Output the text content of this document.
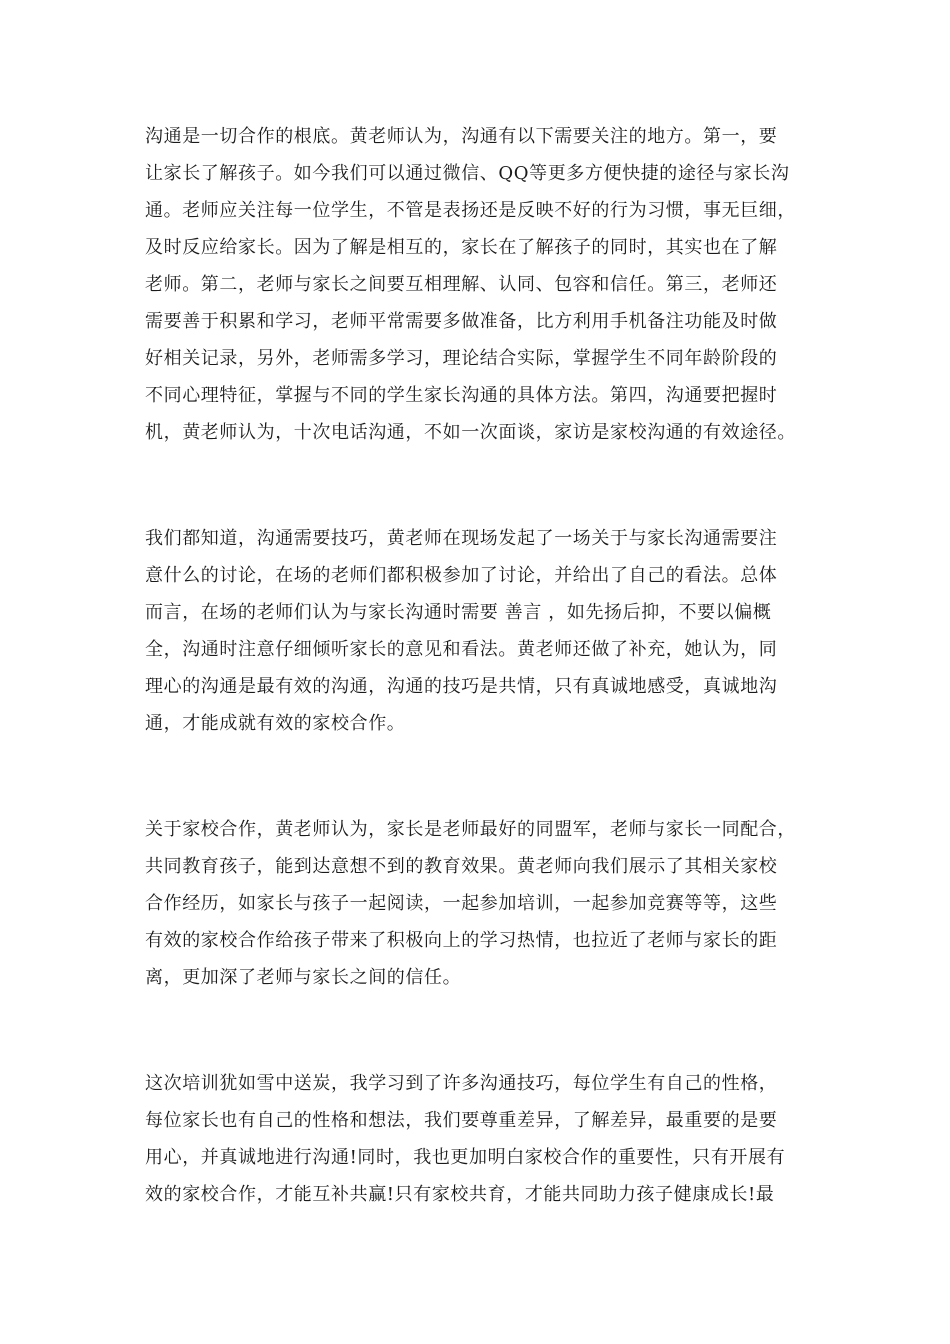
沟通是一切合作的根底。黄老师认为，沟通有以下需要关注的地方。第一，要
让家长了解孩子。如今我们可以通过微信、QQ等更多方便快捷的途径与家长沟
通。老师应关注每一位学生，不管是表扬还是反映不好的行为习惯，事无巨细，
及时反应给家长。因为了解是相互的，家长在了解孩子的同时，其实也在了解
老师。第二，老师与家长之间要互相理解、认同、包容和信任。第三，老师还
需要善于积累和学习，老师平常需要多做准备，比方利用手机备注功能及时做
好相关记录，另外，老师需多学习，理论结合实际，掌握学生不同年龄阶段的
不同心理特征，掌握与不同的学生家长沟通的具体方法。第四，沟通要把握时
机，黄老师认为，十次电话沟通，不如一次面谈，家访是家校沟通的有效途径。
我们都知道，沟通需要技巧，黄老师在现场发起了一场关于与家长沟通需要注
意什么的讨论，在场的老师们都积极参加了讨论，并给出了自己的看法。总体
而言，在场的老师们认为与家长沟通时需要 善言 ，如先扬后抑，不要以偏概
全，沟通时注意仔细倾听家长的意见和看法。黄老师还做了补充，她认为，同
理心的沟通是最有效的沟通，沟通的技巧是共情，只有真诚地感受，真诚地沟
通，才能成就有效的家校合作。
关于家校合作，黄老师认为，家长是老师最好的同盟军，老师与家长一同配合，
共同教育孩子，能到达意想不到的教育效果。黄老师向我们展示了其相关家校
合作经历，如家长与孩子一起阅读，一起参加培训，一起参加竞赛等等，这些
有效的家校合作给孩子带来了积极向上的学习热情，也拉近了老师与家长的距
离，更加深了老师与家长之间的信任。
这次培训犹如雪中送炭，我学习到了许多沟通技巧，每位学生有自己的性格，
每位家长也有自己的性格和想法，我们要尊重差异，了解差异，最重要的是要
用心，并真诚地进行沟通!同时，我也更加明白家校合作的重要性，只有开展有
效的家校合作，才能互补共赢!只有家校共育，才能共同助力孩子健康成长!最
